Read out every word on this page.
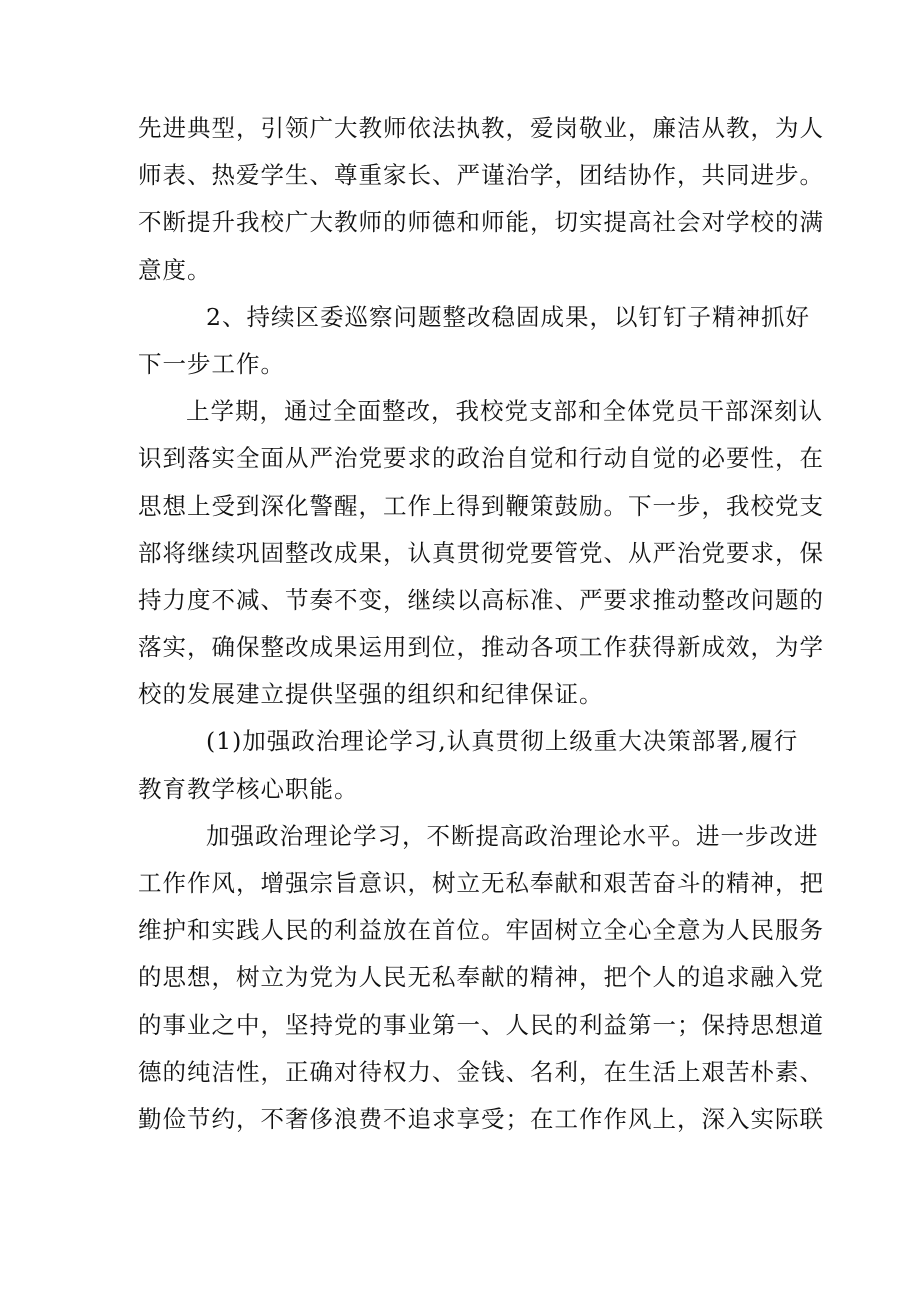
先进典型，引领广大教师依法执教，爱岗敬业，廉洁从教，为人
师表、热爱学生、尊重家长、严谨治学，团结协作，共同进步。
不断提升我校广大教师的师德和师能，切实提高社会对学校的满
意度。
2、持续区委巡察问题整改稳固成果，以钉钉子精神抓好
下一步工作。
上学期，通过全面整改，我校党支部和全体党员干部深刻认
识到落实全面从严治党要求的政治自觉和行动自觉的必要性，在
思想上受到深化警醒，工作上得到鞭策鼓励。下一步，我校党支
部将继续巩固整改成果，认真贯彻党要管党、从严治党要求，保
持力度不减、节奏不变，继续以高标准、严要求推动整改问题的
落实，确保整改成果运用到位，推动各项工作获得新成效，为学
校的发展建立提供坚强的组织和纪律保证。
(1)加强政治理论学习,认真贯彻上级重大决策部署,履行
教育教学核心职能。
加强政治理论学习，不断提高政治理论水平。进一步改进
工作作风，增强宗旨意识，树立无私奉献和艰苦奋斗的精神，把
维护和实践人民的利益放在首位。牢固树立全心全意为人民服务
的思想，树立为党为人民无私奉献的精神，把个人的追求融入党
的事业之中，坚持党的事业第一、人民的利益第一；保持思想道
德的纯洁性，正确对待权力、金钱、名利，在生活上艰苦朴素、
勤俭节约，不奢侈浪费不追求享受；在工作作风上，深入实际联
